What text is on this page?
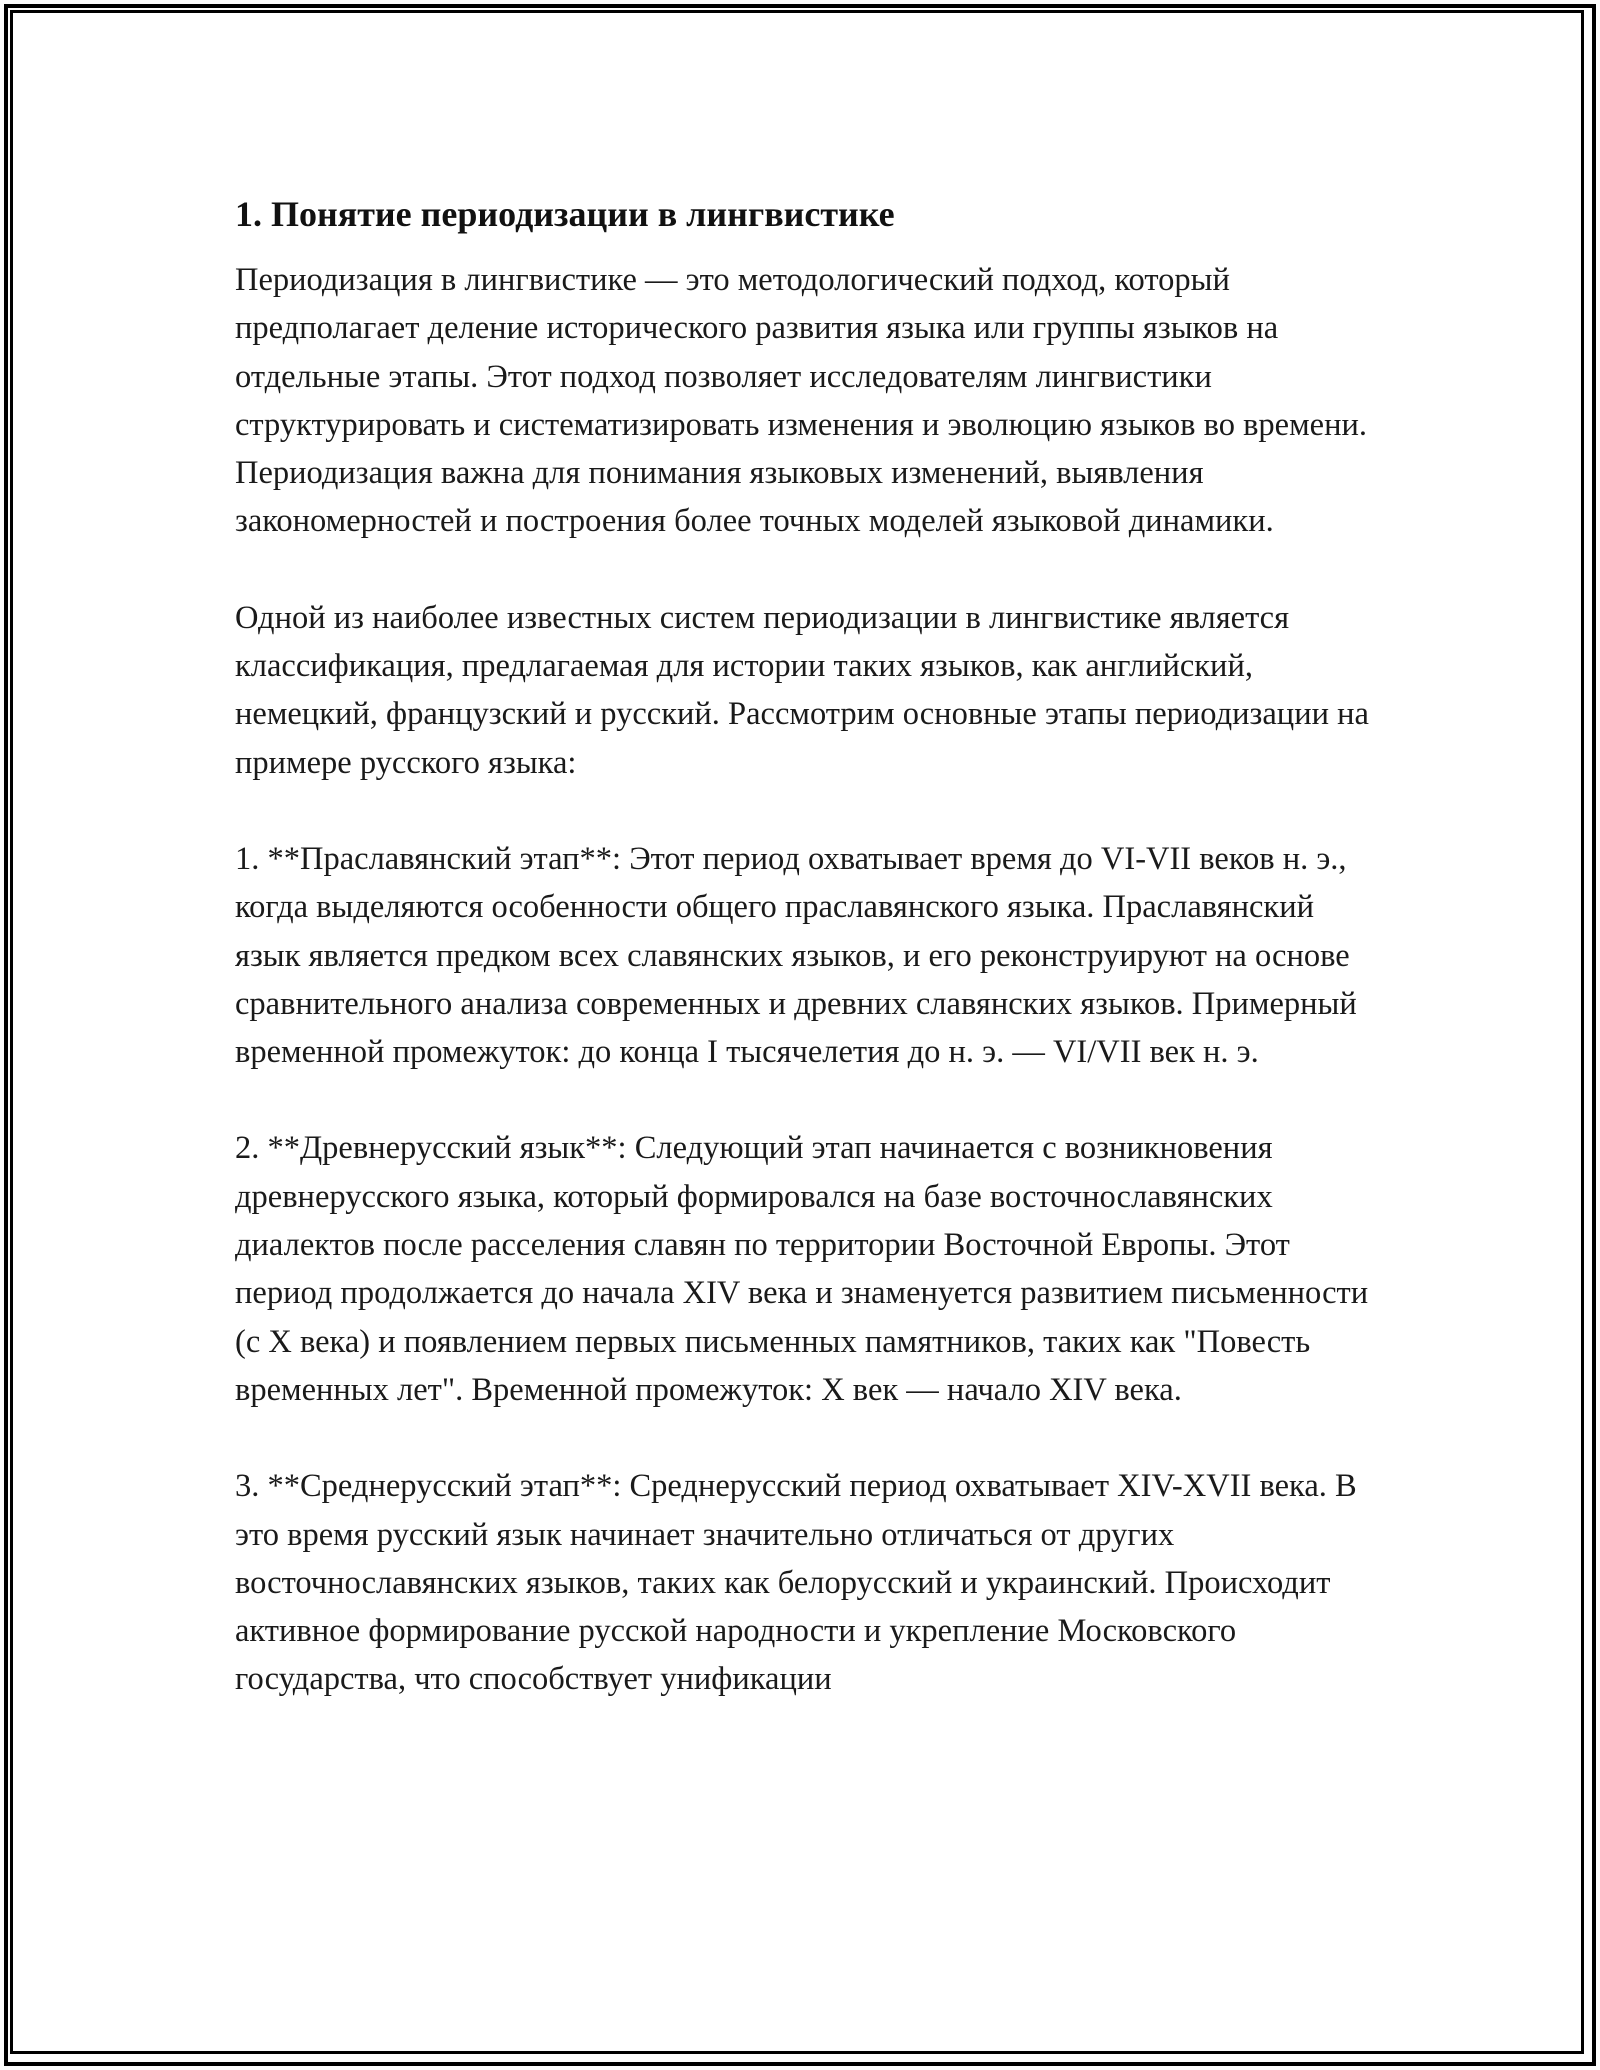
1. Понятие периодизации в лингвистике

Периодизация в лингвистике — это методологический подход, который предполагает деление исторического развития языка или группы языков на отдельные этапы. Этот подход позволяет исследователям лингвистики структурировать и систематизировать изменения и эволюцию языков во времени. Периодизация важна для понимания языковых изменений, выявления закономерностей и построения более точных моделей языковой динамики.

Одной из наиболее известных систем периодизации в лингвистике является классификация, предлагаемая для истории таких языков, как английский, немецкий, французский и русский. Рассмотрим основные этапы периодизации на примере русского языка:

1. **Праславянский этап**: Этот период охватывает время до VI-VII веков н. э., когда выделяются особенности общего праславянского языка. Праславянский язык является предком всех славянских языков, и его реконструируют на основе сравнительного анализа современных и древних славянских языков. Примерный временной промежуток: до конца I тысячелетия до н. э. — VI/VII век н. э.

2. **Древнерусский язык**: Следующий этап начинается с возникновения древнерусского языка, который формировался на базе восточнославянских диалектов после расселения славян по территории Восточной Европы. Этот период продолжается до начала XIV века и знаменуется развитием письменности (с X века) и появлением первых письменных памятников, таких как "Повесть временных лет". Временной промежуток: X век — начало XIV века.

3. **Среднерусский этап**: Среднерусский период охватывает XIV-XVII века. В это время русский язык начинает значительно отличаться от других восточнославянских языков, таких как белорусский и украинский. Происходит активное формирование русской народности и укрепление Московского государства, что способствует унификации
